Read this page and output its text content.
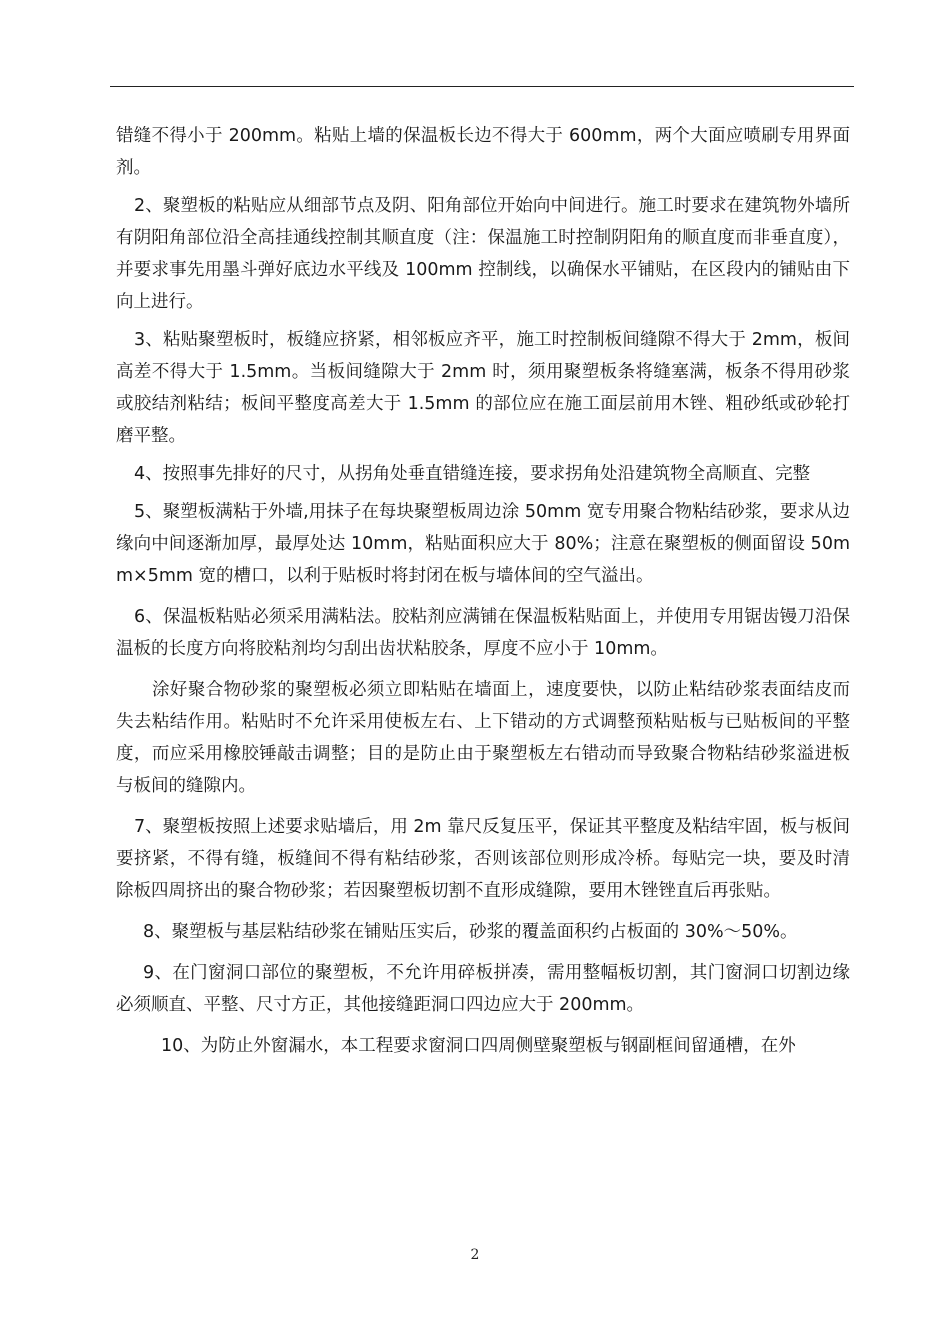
错缝不得小于 200mm。粘贴上墙的保温板长边不得大于 600mm，两个大面应喷刷专用界面剂。

2、聚塑板的粘贴应从细部节点及阴、阳角部位开始向中间进行。施工时要求在建筑物外墙所有阴阳角部位沿全高挂通线控制其顺直度（注：保温施工时控制阴阳角的顺直度而非垂直度），并要求事先用墨斗弹好底边水平线及 100mm 控制线，以确保水平铺贴，在区段内的铺贴由下向上进行。

3、粘贴聚塑板时，板缝应挤紧，相邻板应齐平，施工时控制板间缝隙不得大于 2mm，板间高差不得大于 1.5mm。当板间缝隙大于 2mm 时，须用聚塑板条将缝塞满，板条不得用砂浆或胶结剂粘结；板间平整度高差大于 1.5mm 的部位应在施工面层前用木锉、粗砂纸或砂轮打磨平整。

4、按照事先排好的尺寸，从拐角处垂直错缝连接，要求拐角处沿建筑物全高顺直、完整

5、聚塑板满粘于外墙,用抹子在每块聚塑板周边涂 50mm 宽专用聚合物粘结砂浆，要求从边缘向中间逐渐加厚，最厚处达 10mm，粘贴面积应大于 80%；注意在聚塑板的侧面留设 50mm×5mm 宽的槽口，以利于贴板时将封闭在板与墙体间的空气溢出。

6、保温板粘贴必须采用满粘法。胶粘剂应满铺在保温板粘贴面上，并使用专用锯齿镘刀沿保温板的长度方向将胶粘剂均匀刮出齿状粘胶条，厚度不应小于 10mm。

涂好聚合物砂浆的聚塑板必须立即粘贴在墙面上，速度要快，以防止粘结砂浆表面结皮而失去粘结作用。粘贴时不允许采用使板左右、上下错动的方式调整预粘贴板与已贴板间的平整度，而应采用橡胶锤敲击调整；目的是防止由于聚塑板左右错动而导致聚合物粘结砂浆溢进板与板间的缝隙内。

7、聚塑板按照上述要求贴墙后，用 2m 靠尺反复压平，保证其平整度及粘结牢固，板与板间要挤紧，不得有缝，板缝间不得有粘结砂浆，否则该部位则形成冷桥。每贴完一块，要及时清除板四周挤出的聚合物砂浆；若因聚塑板切割不直形成缝隙，要用木锉锉直后再张贴。

8、聚塑板与基层粘结砂浆在铺贴压实后，砂浆的覆盖面积约占板面的 30%～50%。

9、在门窗洞口部位的聚塑板，不允许用碎板拼凑，需用整幅板切割，其门窗洞口切割边缘必须顺直、平整、尺寸方正，其他接缝距洞口四边应大于 200mm。

10、为防止外窗漏水，本工程要求窗洞口四周侧壁聚塑板与钢副框间留通槽，在外

2
